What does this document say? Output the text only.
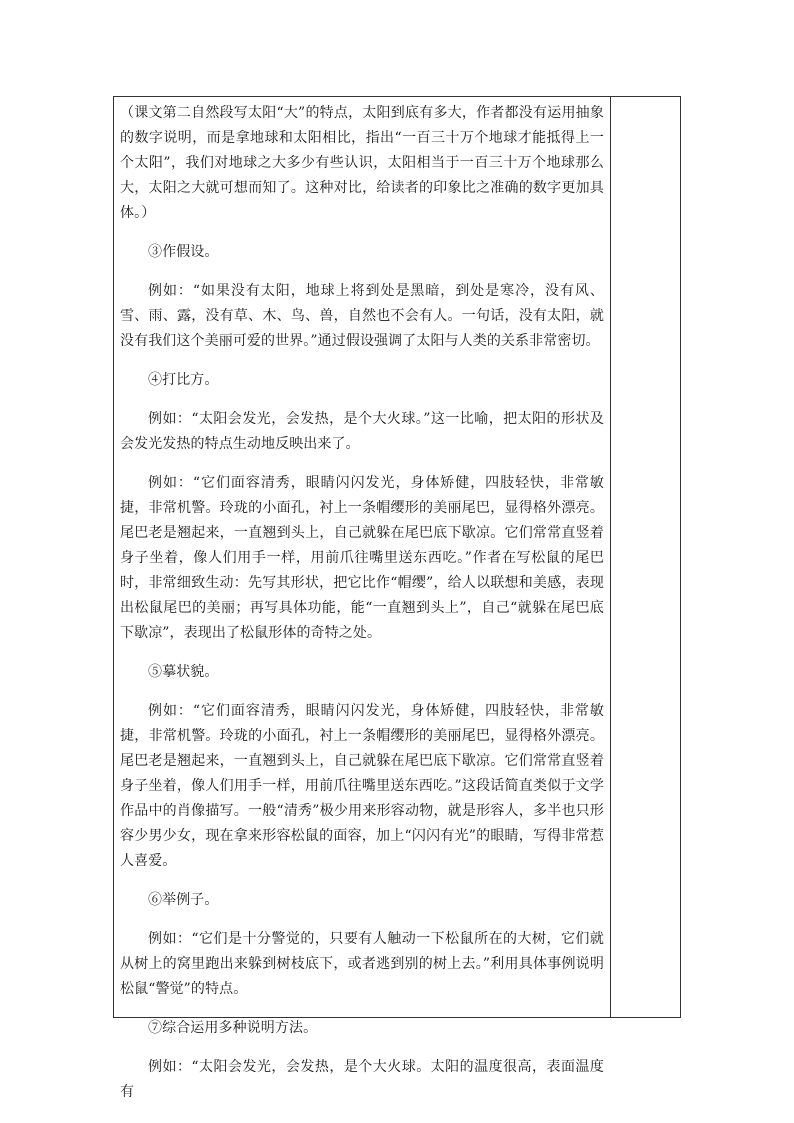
（课文第二自然段写太阳“大”的特点，太阳到底有多大，作者都没有运用抽象的数字说明，而是拿地球和太阳相比，指出“一百三十万个地球才能抵得上一个太阳”，我们对地球之大多少有些认识，太阳相当于一百三十万个地球那么大，太阳之大就可想而知了。这种对比，给读者的印象比之准确的数字更加具体。）

③作假设。

例如：“如果没有太阳，地球上将到处是黑暗，到处是寒冷，没有风、雪、雨、露，没有草、木、鸟、兽，自然也不会有人。一句话，没有太阳，就没有我们这个美丽可爱的世界。”通过假设强调了太阳与人类的关系非常密切。

④打比方。

例如：“太阳会发光，会发热，是个大火球。”这一比喻，把太阳的形状及会发光发热的特点生动地反映出来了。

例如：“它们面容清秀，眼睛闪闪发光，身体矫健，四肢轻快，非常敏捷，非常机警。玲珑的小面孔，衬上一条帽缨形的美丽尾巴，显得格外漂亮。尾巴老是翘起来，一直翘到头上，自己就躲在尾巴底下歇凉。它们常常直竖着身子坐着，像人们用手一样，用前爪往嘴里送东西吃。”作者在写松鼠的尾巴时，非常细致生动：先写其形状，把它比作“帽缨”，给人以联想和美感，表现出松鼠尾巴的美丽；再写具体功能，能“一直翘到头上”，自己“就躲在尾巴底下歇凉”，表现出了松鼠形体的奇特之处。

⑤摹状貌。

例如：“它们面容清秀，眼睛闪闪发光，身体矫健，四肢轻快，非常敏捷，非常机警。玲珑的小面孔，衬上一条帽缨形的美丽尾巴，显得格外漂亮。尾巴老是翘起来，一直翘到头上，自己就躲在尾巴底下歇凉。它们常常直竖着身子坐着，像人们用手一样，用前爪往嘴里送东西吃。”这段话简直类似于文学作品中的肖像描写。一般“清秀”极少用来形容动物，就是形容人，多半也只形容少男少女，现在拿来形容松鼠的面容，加上“闪闪有光”的眼睛，写得非常惹人喜爱。

⑥举例子。

例如：“它们是十分警觉的，只要有人触动一下松鼠所在的大树，它们就从树上的窝里跑出来躲到树枝底下，或者逃到别的树上去。”利用具体事例说明松鼠“警觉”的特点。

⑦综合运用多种说明方法。

例如：“太阳会发光，会发热，是个大火球。太阳的温度很高，表面温度有
